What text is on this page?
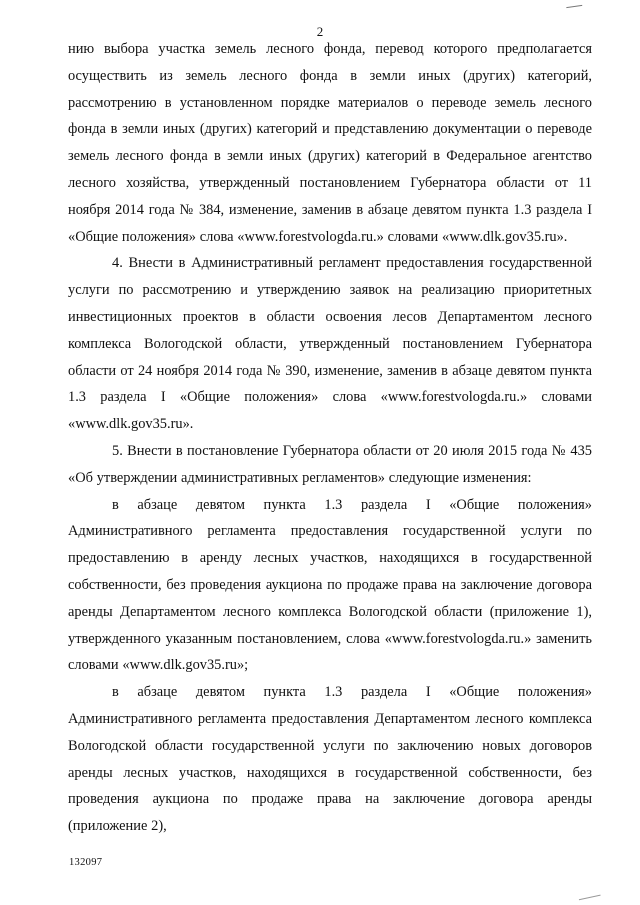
2

нию выбора участка земель лесного фонда, перевод которого предполагается осуществить из земель лесного фонда в земли иных (других) категорий, рассмотрению в установленном порядке материалов о переводе земель лесного фонда в земли иных (других) категорий и представлению документации о переводе земель лесного фонда в земли иных (других) категорий в Федеральное агентство лесного хозяйства, утвержденный постановлением Губернатора области от 11 ноября 2014 года № 384, изменение, заменив в абзаце девятом пункта 1.3 раздела I «Общие положения» слова «www.forestvologda.ru.» словами «www.dlk.gov35.ru».

4. Внести в Административный регламент предоставления государственной услуги по рассмотрению и утверждению заявок на реализацию приоритетных инвестиционных проектов в области освоения лесов Департаментом лесного комплекса Вологодской области, утвержденный постановлением Губернатора области от 24 ноября 2014 года № 390, изменение, заменив в абзаце девятом пункта 1.3 раздела I «Общие положения» слова «www.forestvologda.ru.» словами «www.dlk.gov35.ru».

5. Внести в постановление Губернатора области от 20 июля 2015 года № 435 «Об утверждении административных регламентов» следующие изменения:

в абзаце девятом пункта 1.3 раздела I «Общие положения» Административного регламента предоставления государственной услуги по предоставлению в аренду лесных участков, находящихся в государственной собственности, без проведения аукциона по продаже права на заключение договора аренды Департаментом лесного комплекса Вологодской области (приложение 1), утвержденного указанным постановлением, слова «www.forestvologda.ru.» заменить словами «www.dlk.gov35.ru»;

в абзаце девятом пункта 1.3 раздела I «Общие положения» Административного регламента предоставления Департаментом лесного комплекса Вологодской области государственной услуги по заключению новых договоров аренды лесных участков, находящихся в государственной собственности, без проведения аукциона по продаже права на заключение договора аренды (приложение 2),

132097
